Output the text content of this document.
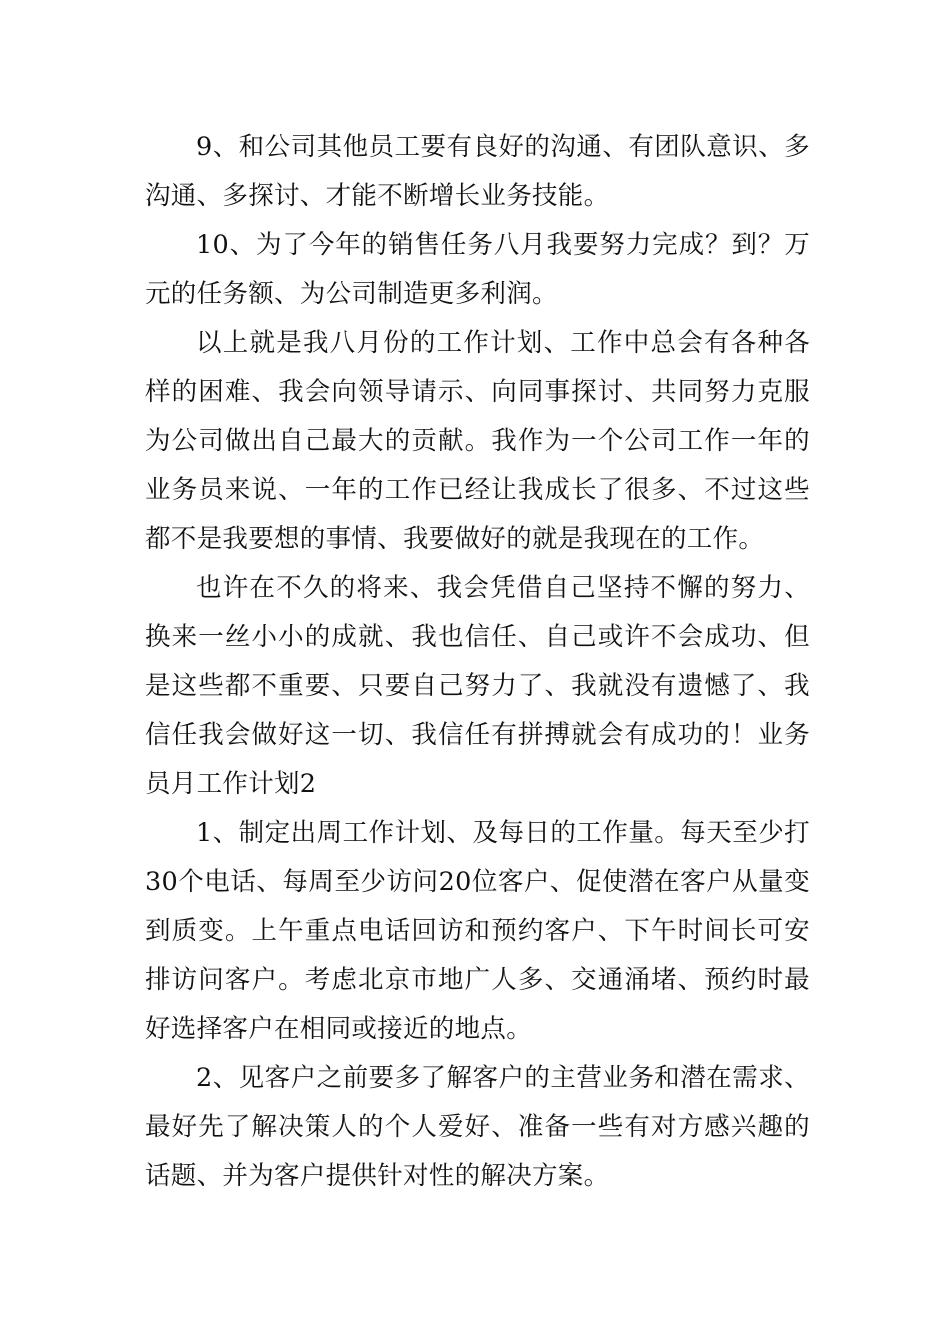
9、和公司其他员工要有良好的沟通、有团队意识、多沟通、多探讨、才能不断增长业务技能。

10、为了今年的销售任务八月我要努力完成？到？万元的任务额、为公司制造更多利润。

以上就是我八月份的工作计划、工作中总会有各种各样的困难、我会向领导请示、向同事探讨、共同努力克服为公司做出自己最大的贡献。我作为一个公司工作一年的业务员来说、一年的工作已经让我成长了很多、不过这些都不是我要想的事情、我要做好的就是我现在的工作。

也许在不久的将来、我会凭借自己坚持不懈的努力、换来一丝小小的成就、我也信任、自己或许不会成功、但是这些都不重要、只要自己努力了、我就没有遗憾了、我信任我会做好这一切、我信任有拼搏就会有成功的！业务员月工作计划2

1、制定出周工作计划、及每日的工作量。每天至少打30个电话、每周至少访问20位客户、促使潜在客户从量变到质变。上午重点电话回访和预约客户、下午时间长可安排访问客户。考虑北京市地广人多、交通涌堵、预约时最好选择客户在相同或接近的地点。

2、见客户之前要多了解客户的主营业务和潜在需求、最好先了解决策人的个人爱好、准备一些有对方感兴趣的话题、并为客户提供针对性的解决方案。
